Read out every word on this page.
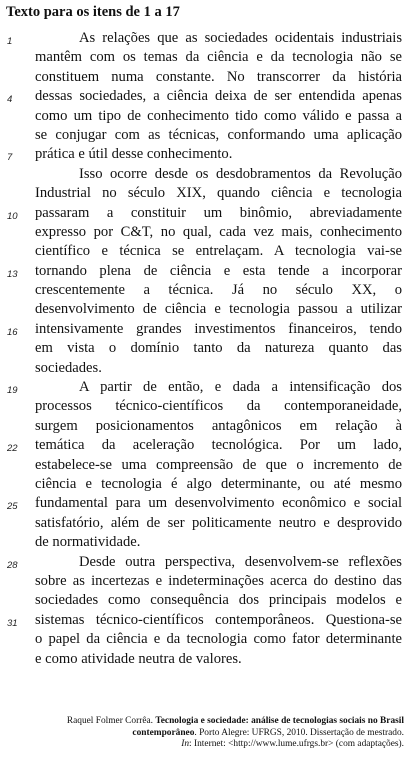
Texto para os itens de 1 a 17
1	As relações que as sociedades ocidentais industriais
mantêm com os temas da ciência e da tecnologia não se
constituem numa constante. No transcorrer da história
4	dessas sociedades, a ciência deixa de ser entendida apenas
como um tipo de conhecimento tido como válido e passa a
se conjugar com as técnicas, conformando uma aplicação
7	prática e útil desse conhecimento.
Isso ocorre desde os desdobramentos da Revolução
Industrial no século XIX, quando ciência e tecnologia
10	passaram a constituir um binômio, abreviadamente
expresso por C&T, no qual, cada vez mais, conhecimento
científico e técnica se entrelaçam. A tecnologia vai-se
13	tornando plena de ciência e esta tende a incorporar
crescentemente a técnica. Já no século XX, o
desenvolvimento de ciência e tecnologia passou a utilizar
16	intensivamente grandes investimentos financeiros, tendo
em vista o domínio tanto da natureza quanto das
sociedades.
19	A partir de então, e dada a intensificação dos
processos técnico-científicos da contemporaneidade,
surgem posicionamentos antagônicos em relação à
22	temática da aceleração tecnológica. Por um lado,
estabelece-se uma compreensão de que o incremento de
ciência e tecnologia é algo determinante, ou até mesmo
25	fundamental para um desenvolvimento econômico e social
satisfatório, além de ser politicamente neutro e desprovido
de normatividade.
28	Desde outra perspectiva, desenvolvem-se reflexões
sobre as incertezas e indeterminações acerca do destino das
sociedades como consequência dos principais modelos e
31	sistemas técnico-científicos contemporâneos. Questiona-se
o papel da ciência e da tecnologia como fator determinante
e como atividade neutra de valores.
Raquel Folmer Corrêa. Tecnologia e sociedade: análise de tecnologias sociais no Brasil contemporâneo. Porto Alegre: UFRGS, 2010. Dissertação de mestrado.
In: Internet: <http://www.lume.ufrgs.br> (com adaptações).
